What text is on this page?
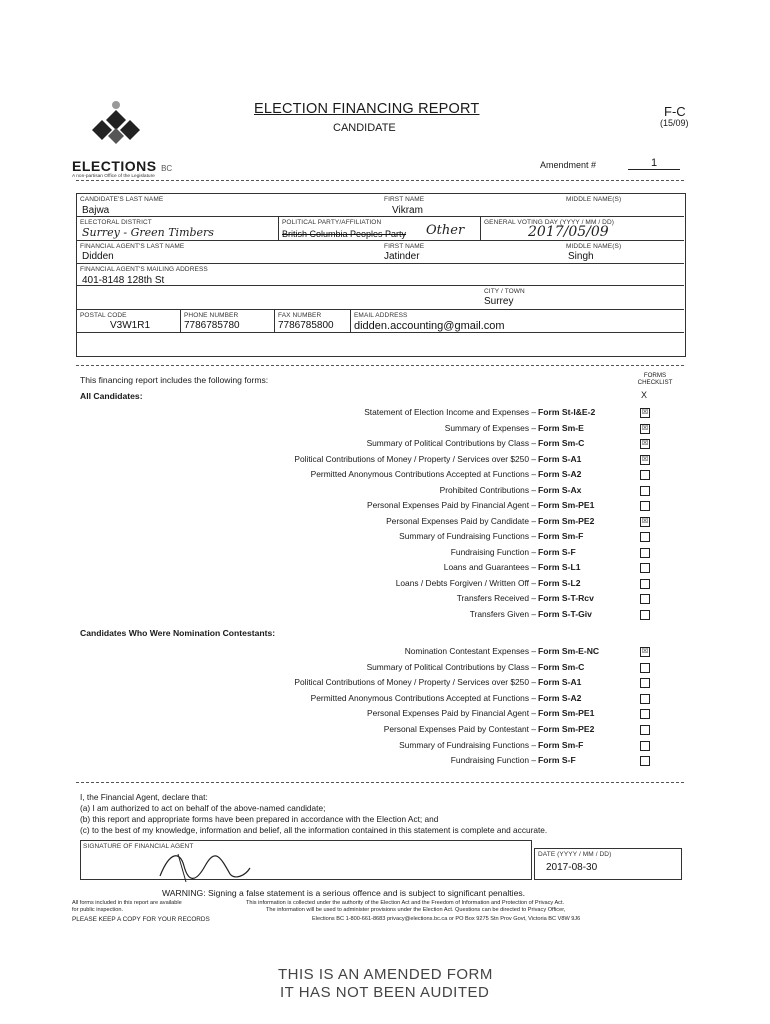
ELECTIONS BC
A non-partisan Office of the Legislature
ELECTION FINANCING REPORT
CANDIDATE
F-C
(15/09)
Amendment #	1
CANDIDATE'S LAST NAME
Bajwa
FIRST NAME
Vikram
MIDDLE NAME(S)
ELECTORAL DISTRICT
Surrey - Green Timbers
POLITICAL PARTY/AFFILIATION
British Columbia Peoples Party Other
GENERAL VOTING DAY (YYYY / MM / DD)
2017/05/09
FINANCIAL AGENT'S LAST NAME
Didden
FIRST NAME
Jatinder
MIDDLE NAME(S)
Singh
FINANCIAL AGENT'S MAILING ADDRESS
401-8148 128th St
CITY / TOWN
Surrey
POSTAL CODE
V3W1R1
PHONE NUMBER
7786785780
FAX NUMBER
7786785800
EMAIL ADDRESS
didden.accounting@gmail.com
This financing report includes the following forms:	FORMS CHECKLIST
X
All Candidates:
Statement of Election Income and Expenses – Form St-I&E-2	☒
Summary of Expenses – Form Sm-E	☒
Summary of Political Contributions by Class – Form Sm-C	☒
Political Contributions of Money / Property / Services over $250 – Form S-A1	☒
Permitted Anonymous Contributions Accepted at Functions – Form S-A2
Prohibited Contributions – Form S-Ax
Personal Expenses Paid by Financial Agent – Form Sm-PE1
Personal Expenses Paid by Candidate – Form Sm-PE2	☒
Summary of Fundraising Functions – Form Sm-F
Fundraising Function – Form S-F
Loans and Guarantees – Form S-L1
Loans / Debts Forgiven / Written Off – Form S-L2
Transfers Received – Form S-T-Rcv
Transfers Given – Form S-T-Giv
Candidates Who Were Nomination Contestants:
Nomination Contestant Expenses – Form Sm-E-NC	☒
Summary of Political Contributions by Class – Form Sm-C
Political Contributions of Money / Property / Services over $250 – Form S-A1
Permitted Anonymous Contributions Accepted at Functions – Form S-A2
Personal Expenses Paid by Financial Agent – Form Sm-PE1
Personal Expenses Paid by Contestant – Form Sm-PE2
Summary of Fundraising Functions – Form Sm-F
Fundraising Function – Form S-F
I, the Financial Agent, declare that:
(a) I am authorized to act on behalf of the above-named candidate;
(b) this report and appropriate forms have been prepared in accordance with the Election Act; and
(c) to the best of my knowledge, information and belief, all the information contained in this statement is complete and accurate.
SIGNATURE OF FINANCIAL AGENT
DATE (YYYY / MM / DD)
2017-08-30
WARNING: Signing a false statement is a serious offence and is subject to significant penalties.
All forms included in this report are available
for public inspection.
PLEASE KEEP A COPY FOR YOUR RECORDS
This information is collected under the authority of the Election Act and the Freedom of Information and Protection of Privacy Act.
The information will be used to administer provisions under the Election Act. Questions can be directed to Privacy Officer,
Elections BC 1-800-661-8683 privacy@elections.bc.ca or PO Box 9275 Stn Prov Govt, Victoria BC V8W 9J6
THIS IS AN AMENDED FORM
IT HAS NOT BEEN AUDITED
